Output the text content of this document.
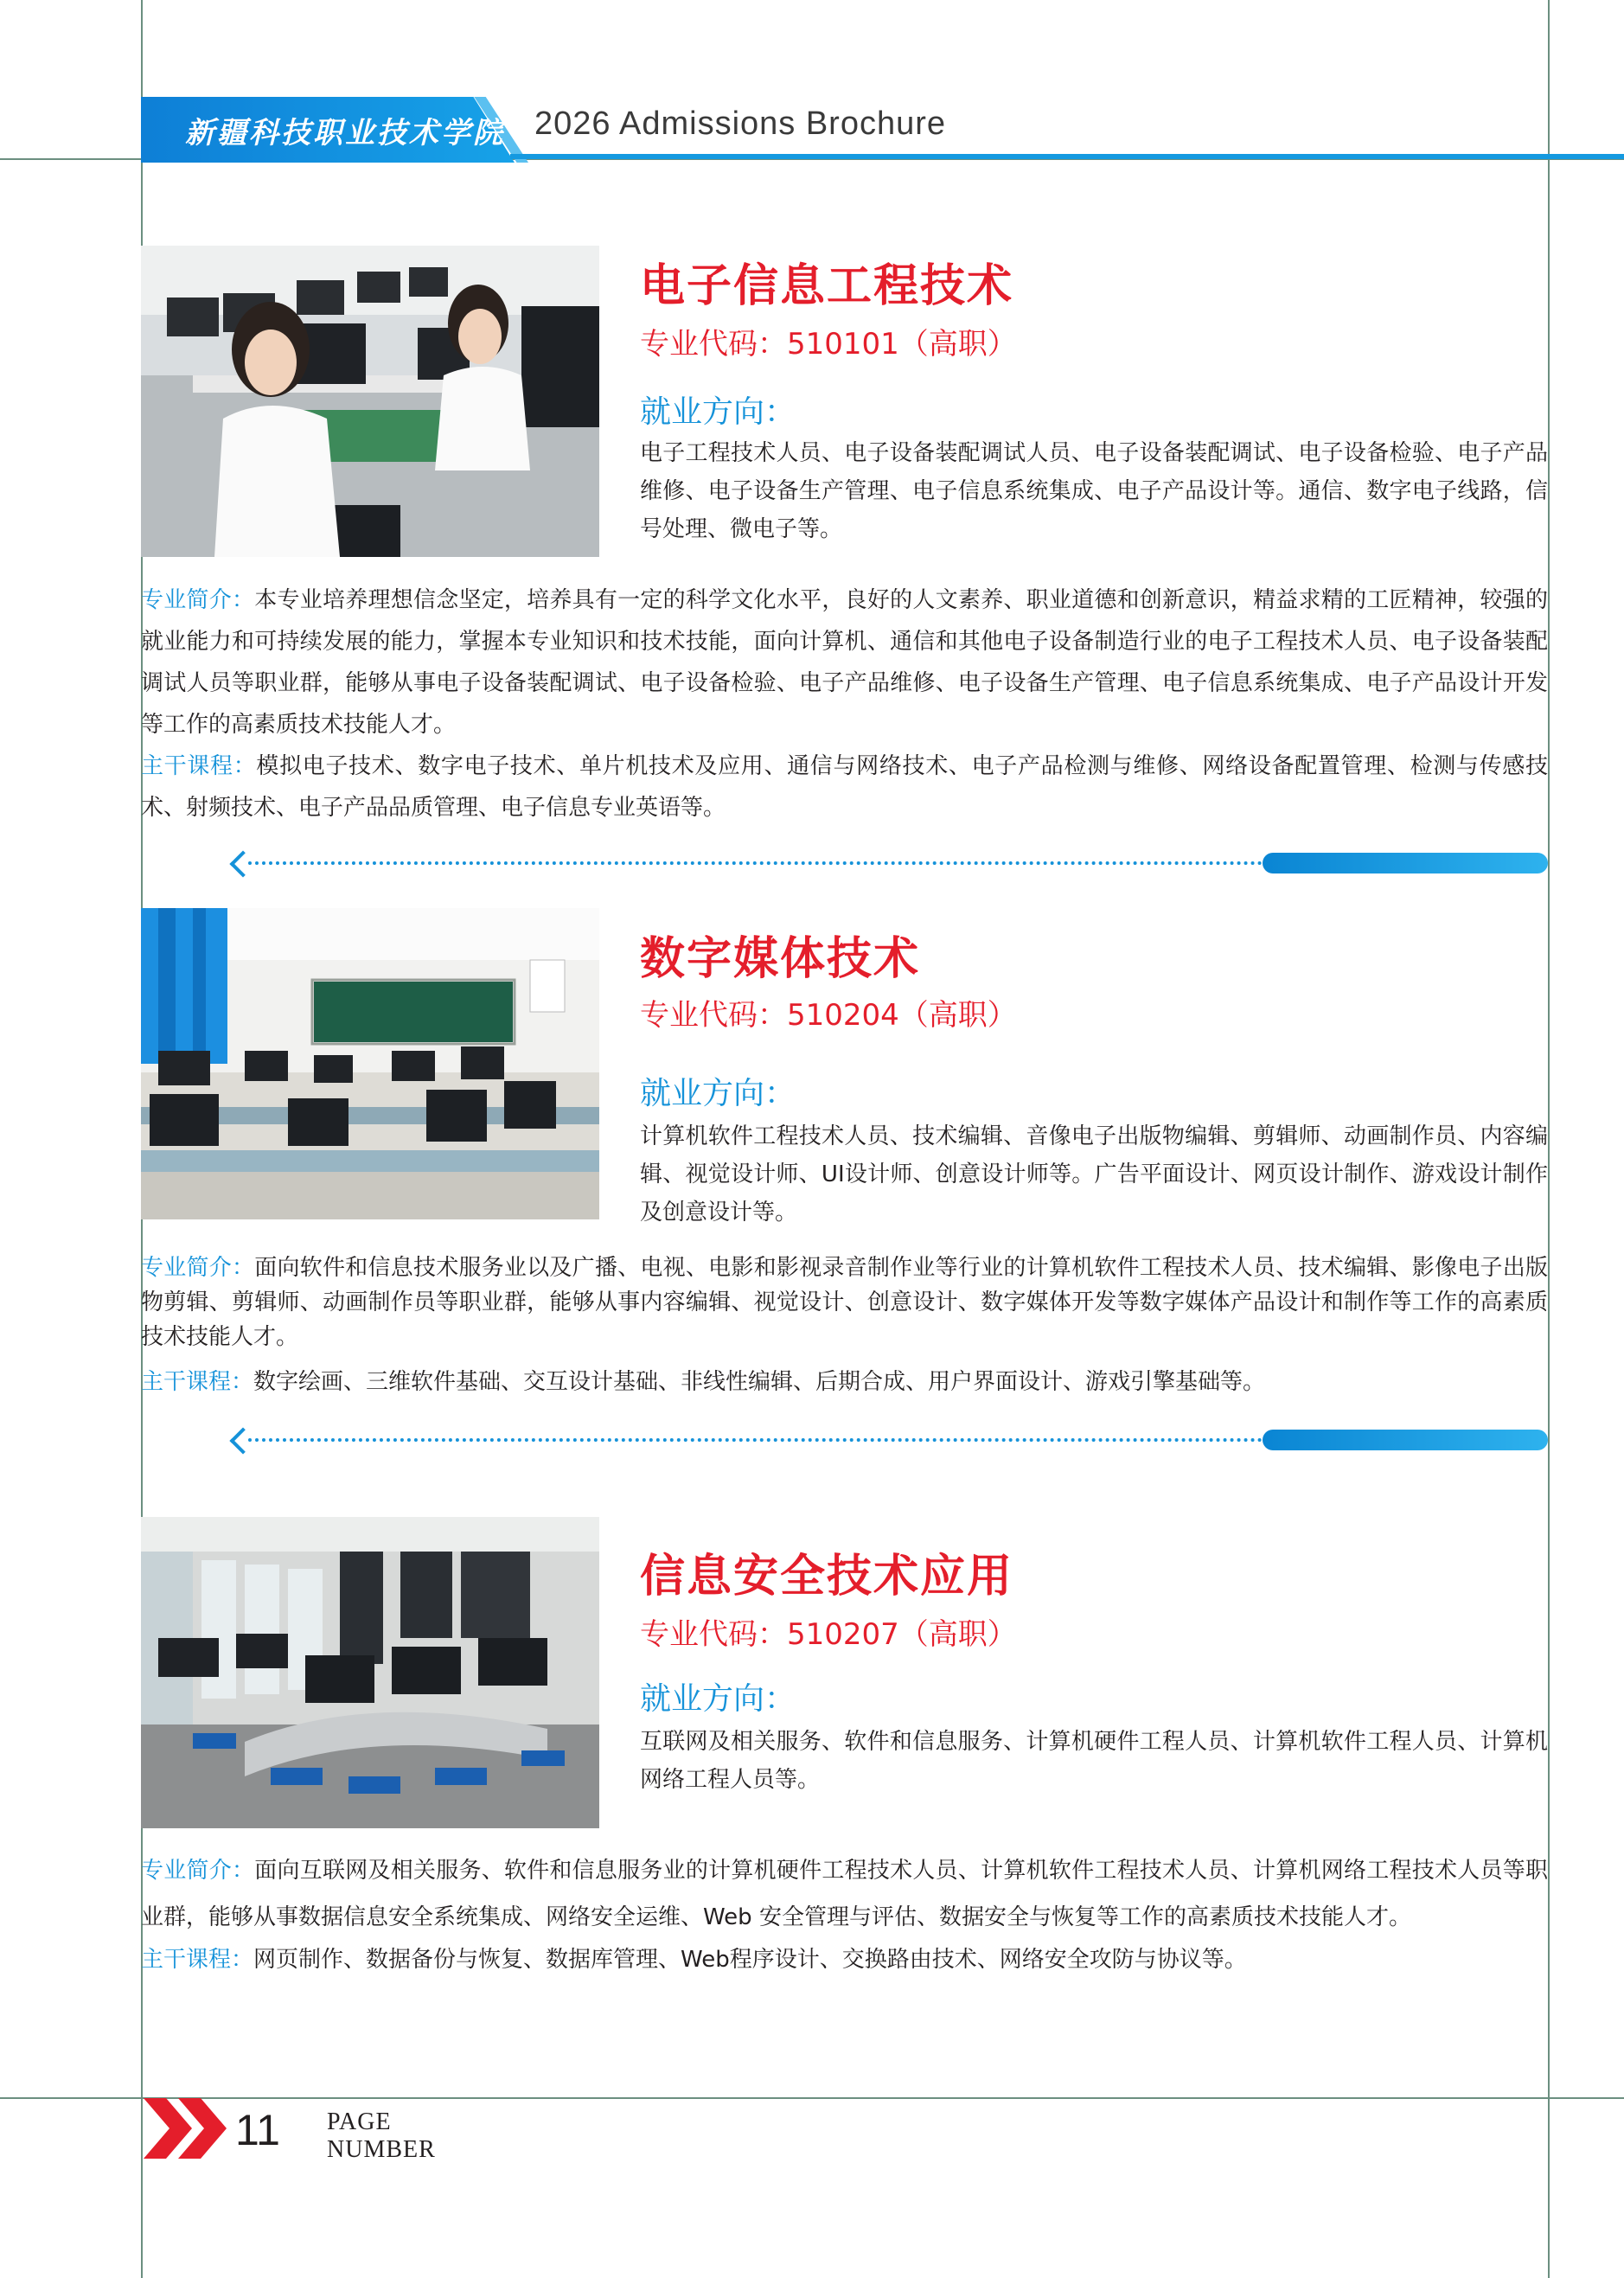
新疆科技职业技术学院 2026 Admissions Brochure
电子信息工程技术
专业代码：510101（高职）
就业方向：
电子工程技术人员、电子设备装配调试人员、电子设备装配调试、电子设备检验、电子产品维修、电子设备生产管理、电子信息系统集成、电子产品设计等。通信、数字电子线路，信号处理、微电子等。
专业简介：本专业培养理想信念坚定，培养具有一定的科学文化水平，良好的人文素养、职业道德和创新意识，精益求精的工匠精神，较强的就业能力和可持续发展的能力，掌握本专业知识和技术技能，面向计算机、通信和其他电子设备制造行业的电子工程技术人员、电子设备装配调试人员等职业群，能够从事电子设备装配调试、电子设备检验、电子产品维修、电子设备生产管理、电子信息系统集成、电子产品设计开发等工作的高素质技术技能人才。
主干课程：模拟电子技术、数字电子技术、单片机技术及应用、通信与网络技术、电子产品检测与维修、网络设备配置管理、检测与传感技术、射频技术、电子产品品质管理、电子信息专业英语等。
数字媒体技术
专业代码：510204（高职）
就业方向：
计算机软件工程技术人员、技术编辑、音像电子出版物编辑、剪辑师、动画制作员、内容编辑、视觉设计师、UI设计师、创意设计师等。广告平面设计、网页设计制作、游戏设计制作及创意设计等。
专业简介：面向软件和信息技术服务业以及广播、电视、电影和影视录音制作业等行业的计算机软件工程技术人员、技术编辑、影像电子出版物剪辑、剪辑师、动画制作员等职业群，能够从事内容编辑、视觉设计、创意设计、数字媒体开发等数字媒体产品设计和制作等工作的高素质技术技能人才。
主干课程：数字绘画、三维软件基础、交互设计基础、非线性编辑、后期合成、用户界面设计、游戏引擎基础等。
信息安全技术应用
专业代码：510207（高职）
就业方向：
互联网及相关服务、软件和信息服务、计算机硬件工程人员、计算机软件工程人员、计算机网络工程人员等。
专业简介：面向互联网及相关服务、软件和信息服务业的计算机硬件工程技术人员、计算机软件工程技术人员、计算机网络工程技术人员等职业群，能够从事数据信息安全系统集成、网络安全运维、Web 安全管理与评估、数据安全与恢复等工作的高素质技术技能人才。
主干课程：网页制作、数据备份与恢复、数据库管理、Web程序设计、交换路由技术、网络安全攻防与协议等。
11 PAGE
NUMBER
